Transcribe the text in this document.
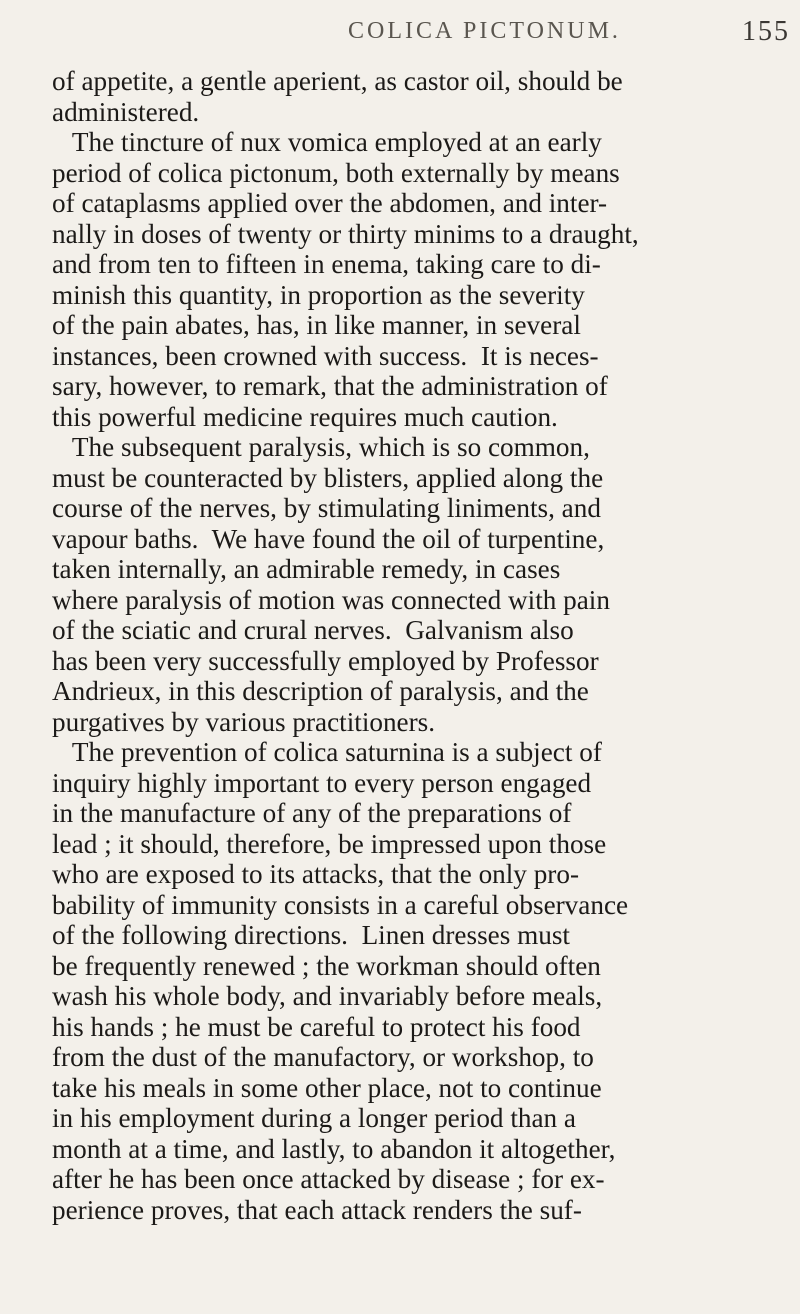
COLICA PICTONUM.	155
of appetite, a gentle aperient, as castor oil, should be
administered.
The tincture of nux vomica employed at an early
period of colica pictonum, both externally by means
of cataplasms applied over the abdomen, and inter-
nally in doses of twenty or thirty minims to a draught,
and from ten to fifteen in enema, taking care to di-
minish this quantity, in proportion as the severity
of the pain abates, has, in like manner, in several
instances, been crowned with success.  It is neces-
sary, however, to remark, that the administration of
this powerful medicine requires much caution.
The subsequent paralysis, which is so common,
must be counteracted by blisters, applied along the
course of the nerves, by stimulating liniments, and
vapour baths.  We have found the oil of turpentine,
taken internally, an admirable remedy, in cases
where paralysis of motion was connected with pain
of the sciatic and crural nerves.  Galvanism also
has been very successfully employed by Professor
Andrieux, in this description of paralysis, and the
purgatives by various practitioners.
The prevention of colica saturnina is a subject of
inquiry highly important to every person engaged
in the manufacture of any of the preparations of
lead ; it should, therefore, be impressed upon those
who are exposed to its attacks, that the only pro-
bability of immunity consists in a careful observance
of the following directions.  Linen dresses must
be frequently renewed ; the workman should often
wash his whole body, and invariably before meals,
his hands ; he must be careful to protect his food
from the dust of the manufactory, or workshop, to
take his meals in some other place, not to continue
in his employment during a longer period than a
month at a time, and lastly, to abandon it altogether,
after he has been once attacked by disease ; for ex-
perience proves, that each attack renders the suf-
